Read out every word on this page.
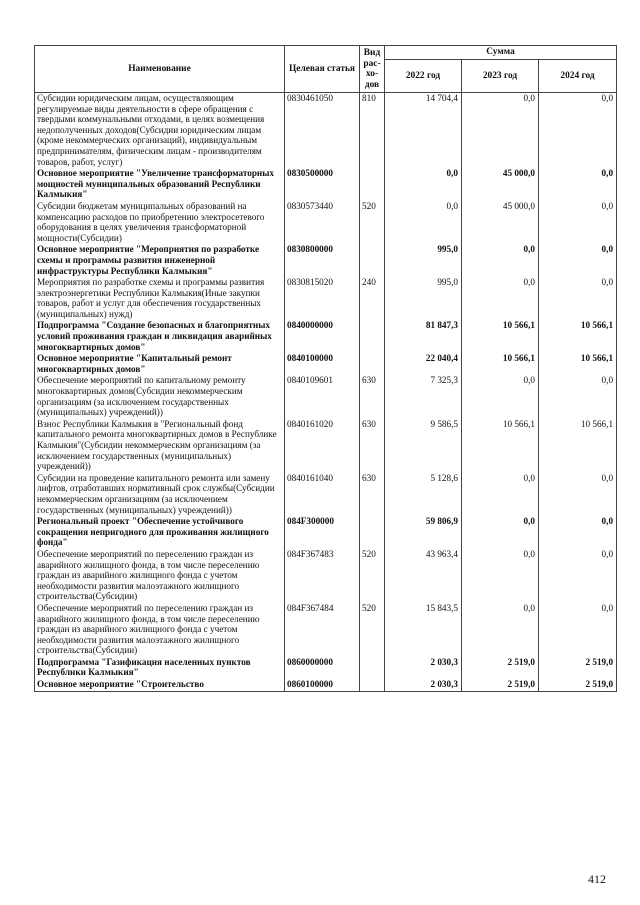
Наименование	Целевая статья	Вид рас-хо-дов	Сумма		
			2022 год	2023 год	2024 год
Субсидии юридическим лицам, осуществляющим регулируемые виды деятельности в сфере обращения с твердыми коммунальными отходами, в целях возмещения недополученных доходов(Субсидии юридическим лицам (кроме некоммерческих организаций), индивидуальным предпринимателям, физическим лицам - производителям товаров, работ, услуг)	0830461050	810	14 704,4	0,0	0,0
Основное мероприятие "Увеличение трансформаторных мощностей муниципальных образований Республики Калмыкия"	0830500000		0,0	45 000,0	0,0
Субсидии бюджетам муниципальных образований на компенсацию расходов по приобретению электросетевого оборудования в целях увеличения трансформаторной мощности(Субсидии)	0830573440	520	0,0	45 000,0	0,0
Основное мероприятие "Мероприятия по разработке схемы и программы развития инженерной инфраструктуры Республики Калмыкия"	0830800000		995,0	0,0	0,0
Мероприятия по разработке схемы и программы развития электроэнергетики Республики Калмыкия(Иные закупки товаров, работ и услуг для обеспечения государственных (муниципальных) нужд)	0830815020	240	995,0	0,0	0,0
Подпрограмма "Создание безопасных и благоприятных условий проживания граждан и ликвидация аварийных многоквартирных домов"	0840000000		81 847,3	10 566,1	10 566,1
Основное мероприятие "Капитальный ремонт многоквартирных домов"	0840100000		22 040,4	10 566,1	10 566,1
Обеспечение мероприятий по капитальному ремонту многоквартирных домов(Субсидии некоммерческим организациям (за исключением государственных (муниципальных) учреждений))	0840109601	630	7 325,3	0,0	0,0
Взнос Республики Калмыкия в "Региональный фонд капитального ремонта многоквартирных домов в Республике Калмыкия"(Субсидии некоммерческим организациям (за исключением государственных (муниципальных) учреждений))	0840161020	630	9 586,5	10 566,1	10 566,1
Субсидии на проведение капитального ремонта или замену лифтов, отработавших нормативный срок службы(Субсидии некоммерческим организациям (за исключением государственных (муниципальных) учреждений))	0840161040	630	5 128,6	0,0	0,0
Региональный проект "Обеспечение устойчивого сокращения непригодного для проживания жилищного фонда"	084F300000		59 806,9	0,0	0,0
Обеспечение мероприятий по переселению граждан из аварийного жилищного фонда, в том числе переселению граждан из аварийного жилищного фонда с учетом необходимости развития малоэтажного жилищного строительства(Субсидии)	084F367483	520	43 963,4	0,0	0,0
Обеспечение мероприятий по переселению граждан из аварийного жилищного фонда, в том числе переселению граждан из аварийного жилищного фонда с учетом необходимости развития малоэтажного жилищного строительства(Субсидии)	084F367484	520	15 843,5	0,0	0,0
Подпрограмма "Газификация населенных пунктов Республики Калмыкия"	0860000000		2 030,3	2 519,0	2 519,0
Основное мероприятие "Строительство	0860100000		2 030,3	2 519,0	2 519,0
412
